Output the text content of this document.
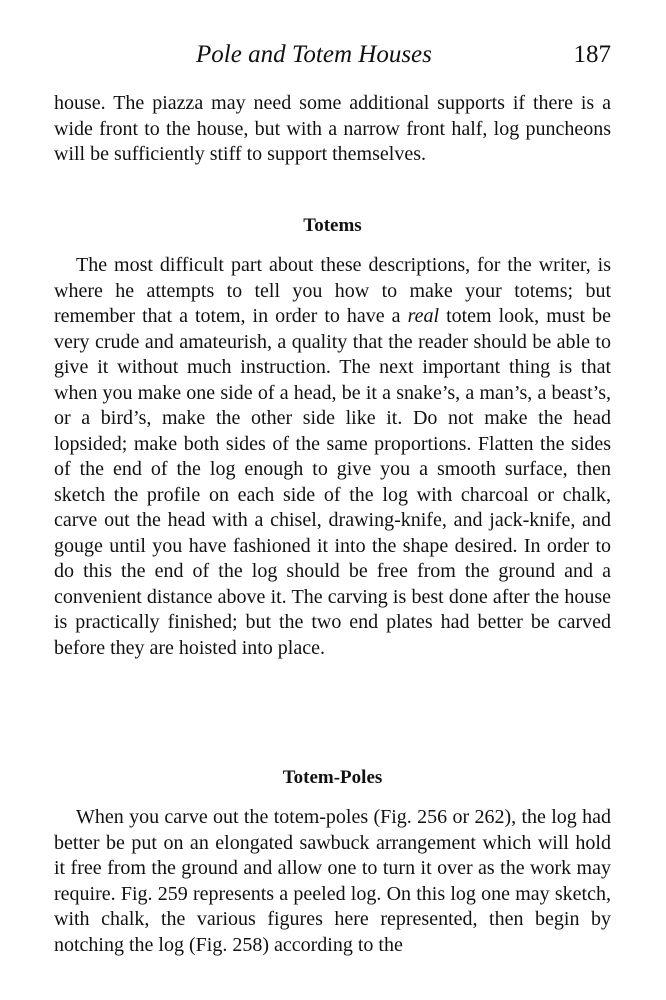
Pole and Totem Houses	187

house. The piazza may need some additional supports if there is a wide front to the house, but with a narrow front half, log puncheons will be sufficiently stiff to support themselves.

Totems

The most difficult part about these descriptions, for the writer, is where he attempts to tell you how to make your totems; but remember that a totem, in order to have a real totem look, must be very crude and amateurish, a quality that the reader should be able to give it without much instruction. The next important thing is that when you make one side of a head, be it a snake’s, a man’s, a beast’s, or a bird’s, make the other side like it. Do not make the head lopsided; make both sides of the same proportions. Flatten the sides of the end of the log enough to give you a smooth surface, then sketch the profile on each side of the log with charcoal or chalk, carve out the head with a chisel, drawing-knife, and jack-knife, and gouge until you have fashioned it into the shape desired. In order to do this the end of the log should be free from the ground and a convenient distance above it. The carving is best done after the house is practically finished; but the two end plates had better be carved before they are hoisted into place.

Totem-Poles

When you carve out the totem-poles (Fig. 256 or 262), the log had better be put on an elongated sawbuck arrangement which will hold it free from the ground and allow one to turn it over as the work may require. Fig. 259 represents a peeled log. On this log one may sketch, with chalk, the various figures here represented, then begin by notching the log (Fig. 258) according to the
